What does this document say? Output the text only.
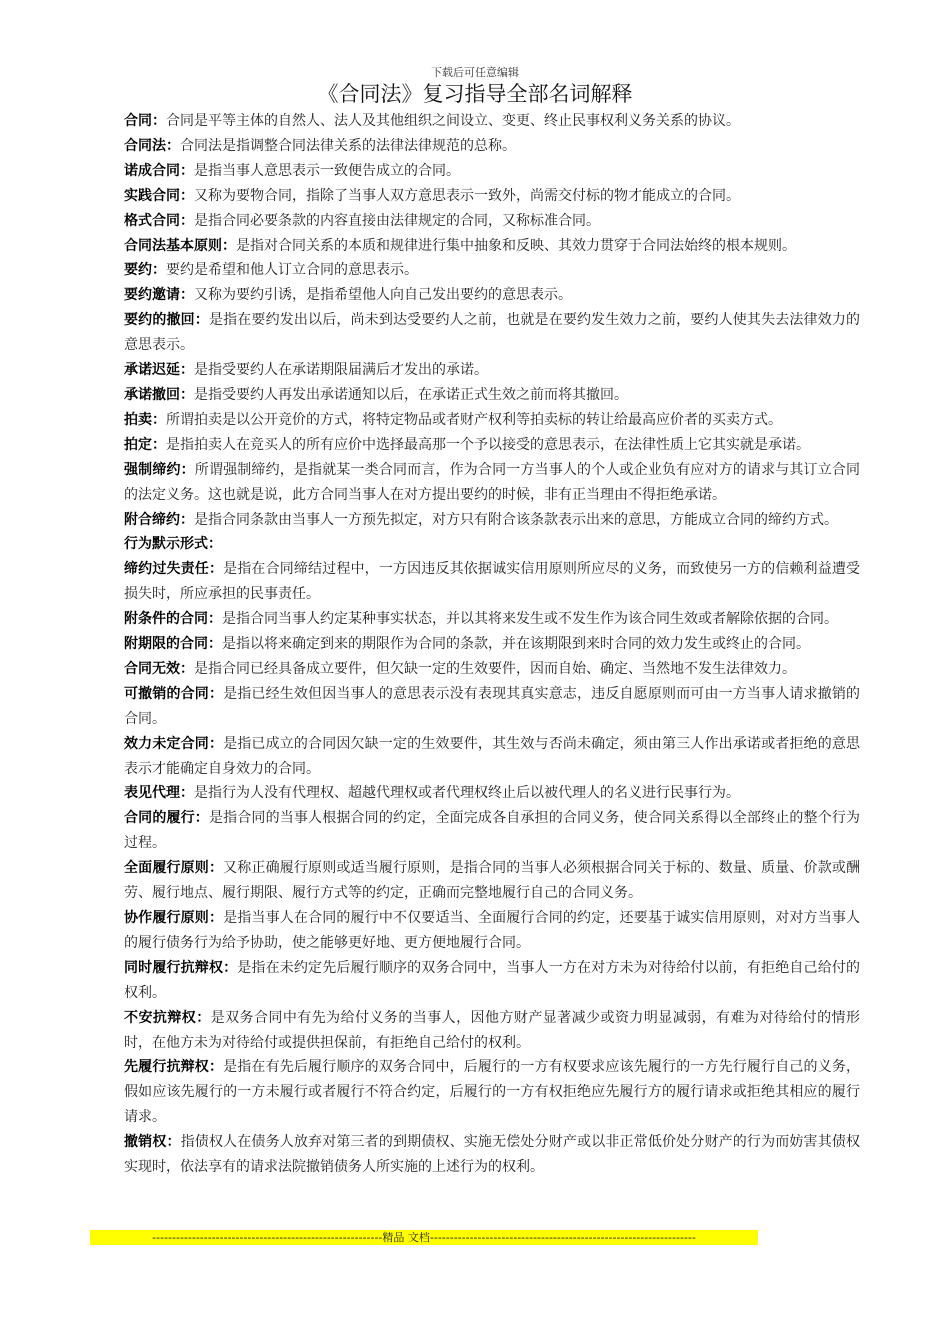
下载后可任意编辑
《合同法》复习指导全部名词解释

合同：合同是平等主体的自然人、法人及其他组织之间设立、变更、终止民事权利义务关系的协议。

合同法：合同法是指调整合同法律关系的法律法律规范的总称。

诺成合同：是指当事人意思表示一致便告成立的合同。

实践合同：又称为要物合同，指除了当事人双方意思表示一致外，尚需交付标的物才能成立的合同。

格式合同：是指合同必要条款的内容直接由法律规定的合同，又称标准合同。

合同法基本原则：是指对合同关系的本质和规律进行集中抽象和反映、其效力贯穿于合同法始终的根本规则。

要约：要约是希望和他人订立合同的意思表示。

要约邀请：又称为要约引诱，是指希望他人向自己发出要约的意思表示。

要约的撤回：是指在要约发出以后，尚未到达受要约人之前，也就是在要约发生效力之前，要约人使其失去法律效力的意思表示。

承诺迟延：是指受要约人在承诺期限届满后才发出的承诺。

承诺撤回：是指受要约人再发出承诺通知以后，在承诺正式生效之前而将其撤回。

拍卖：所谓拍卖是以公开竞价的方式，将特定物品或者财产权利等拍卖标的转让给最高应价者的买卖方式。

拍定：是指拍卖人在竞买人的所有应价中选择最高那一个予以接受的意思表示，在法律性质上它其实就是承诺。

强制缔约：所谓强制缔约，是指就某一类合同而言，作为合同一方当事人的个人或企业负有应对方的请求与其订立合同的法定义务。这也就是说，此方合同当事人在对方提出要约的时候，非有正当理由不得拒绝承诺。

附合缔约：是指合同条款由当事人一方预先拟定，对方只有附合该条款表示出来的意思，方能成立合同的缔约方式。

行为默示形式：

缔约过失责任：是指在合同缔结过程中，一方因违反其依据诚实信用原则所应尽的义务，而致使另一方的信赖利益遭受损失时，所应承担的民事责任。

附条件的合同：是指合同当事人约定某种事实状态，并以其将来发生或不发生作为该合同生效或者解除依据的合同。

附期限的合同：是指以将来确定到来的期限作为合同的条款，并在该期限到来时合同的效力发生或终止的合同。

合同无效：是指合同已经具备成立要件，但欠缺一定的生效要件，因而自始、确定、当然地不发生法律效力。

可撤销的合同：是指已经生效但因当事人的意思表示没有表现其真实意志，违反自愿原则而可由一方当事人请求撤销的合同。

效力未定合同：是指已成立的合同因欠缺一定的生效要件，其生效与否尚未确定，须由第三人作出承诺或者拒绝的意思表示才能确定自身效力的合同。

表见代理：是指行为人没有代理权、超越代理权或者代理权终止后以被代理人的名义进行民事行为。

合同的履行：是指合同的当事人根据合同的约定，全面完成各自承担的合同义务，使合同关系得以全部终止的整个行为过程。

全面履行原则：又称正确履行原则或适当履行原则，是指合同的当事人必须根据合同关于标的、数量、质量、价款或酬劳、履行地点、履行期限、履行方式等的约定，正确而完整地履行自己的合同义务。

协作履行原则：是指当事人在合同的履行中不仅要适当、全面履行合同的约定，还要基于诚实信用原则，对对方当事人的履行债务行为给予协助，使之能够更好地、更方便地履行合同。

同时履行抗辩权：是指在未约定先后履行顺序的双务合同中，当事人一方在对方未为对待给付以前，有拒绝自己给付的权利。

不安抗辩权：是双务合同中有先为给付义务的当事人，因他方财产显著减少或资力明显减弱，有难为对待给付的情形时，在他方未为对待给付或提供担保前，有拒绝自己给付的权利。

先履行抗辩权：是指在有先后履行顺序的双务合同中，后履行的一方有权要求应该先履行的一方先行履行自己的义务，假如应该先履行的一方未履行或者履行不符合约定，后履行的一方有权拒绝应先履行方的履行请求或拒绝其相应的履行请求。

撤销权：指债权人在债务人放弃对第三者的到期债权、实施无偿处分财产或以非正常低价处分财产的行为而妨害其债权实现时，依法享有的请求法院撤销债务人所实施的上述行为的权利。

----------------------------------------------------------精品 文档-------------------------------------------------------------------
